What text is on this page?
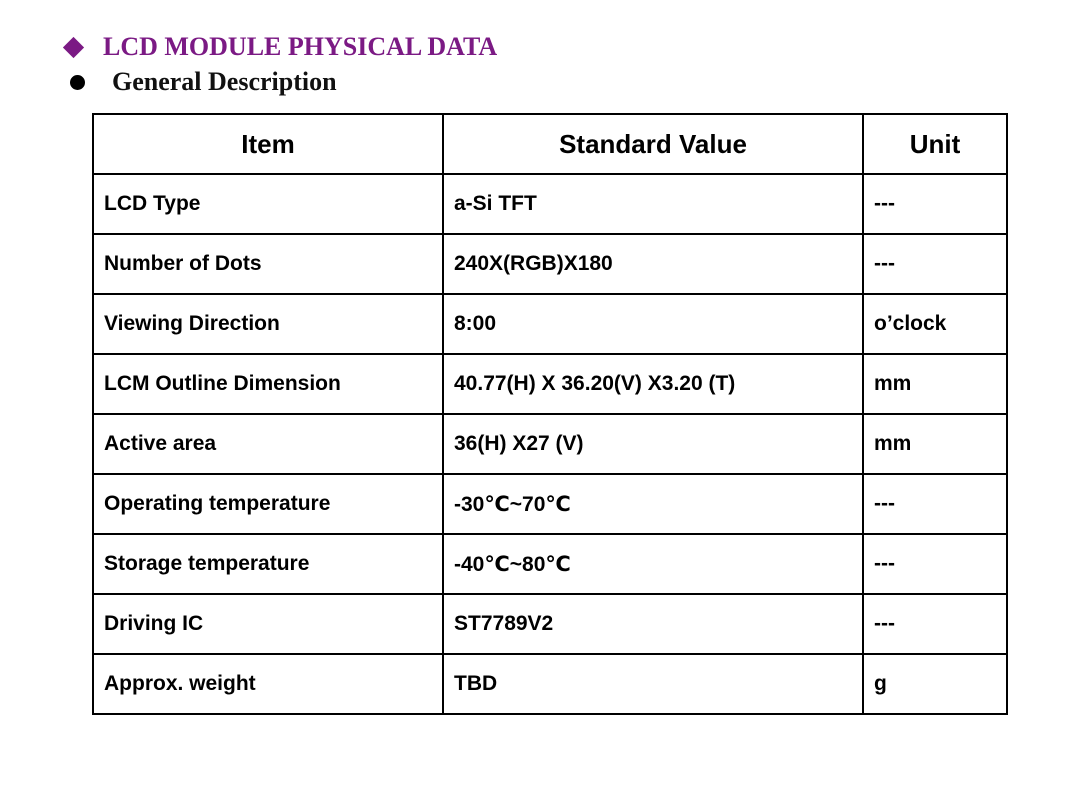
LCD MODULE PHYSICAL DATA
General Description
Item	Standard Value	Unit
LCD Type	a-Si TFT	---
Number of Dots	240X(RGB)X180	---
Viewing Direction	8:00	o’clock
LCM Outline Dimension	40.77(H) X 36.20(V) X3.20 (T)	mm
Active area	36(H) X27 (V)	mm
Operating temperature	-30℃~70℃	---
Storage temperature	-40℃~80℃	---
Driving IC	ST7789V2	---
Approx. weight	TBD	g
